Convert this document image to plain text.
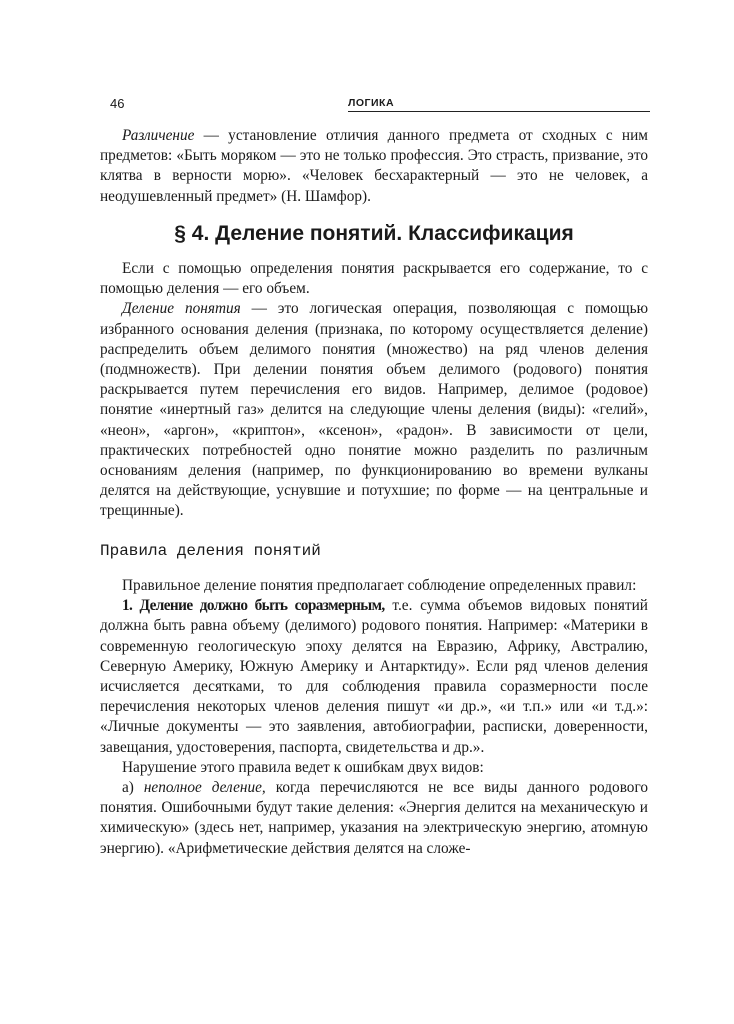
46	ЛОГИКА

Различение — установление отличия данного предмета от сходных с ним предметов: «Быть моряком — это не только профессия. Это страсть, призвание, это клятва в верности морю». «Человек бесхарактерный — это не человек, а неодушевленный предмет» (Н. Шамфор).

§ 4. Деление понятий. Классификация

Если с помощью определения понятия раскрывается его содержание, то с помощью деления — его объем.

Деление понятия — это логическая операция, позволяющая с помощью избранного основания деления (признака, по которому осуществляется деление) распределить объем делимого понятия (множество) на ряд членов деления (подмножеств). При делении понятия объем делимого (родового) понятия раскрывается путем перечисления его видов. Например, делимое (родовое) понятие «инертный газ» делится на следующие члены деления (виды): «гелий», «неон», «аргон», «криптон», «ксенон», «радон». В зависимости от цели, практических потребностей одно понятие можно разделить по различным основаниям деления (например, по функционированию во времени вулканы делятся на действующие, уснувшие и потухшие; по форме — на центральные и трещинные).

Правила деления понятий

Правильное деление понятия предполагает соблюдение определенных правил:

1. Деление должно быть соразмерным, т.е. сумма объемов видовых понятий должна быть равна объему (делимого) родового понятия. Например: «Материки в современную геологическую эпоху делятся на Евразию, Африку, Австралию, Северную Америку, Южную Америку и Антарктиду». Если ряд членов деления исчисляется десятками, то для соблюдения правила соразмерности после перечисления некоторых членов деления пишут «и др.», «и т.п.» или «и т.д.»: «Личные документы — это заявления, автобиографии, расписки, доверенности, завещания, удостоверения, паспорта, свидетельства и др.».

Нарушение этого правила ведет к ошибкам двух видов:

а) неполное деление, когда перечисляются не все виды данного родового понятия. Ошибочными будут такие деления: «Энергия делится на механическую и химическую» (здесь нет, например, указания на электрическую энергию, атомную энергию). «Арифметические действия делятся на сложе-
